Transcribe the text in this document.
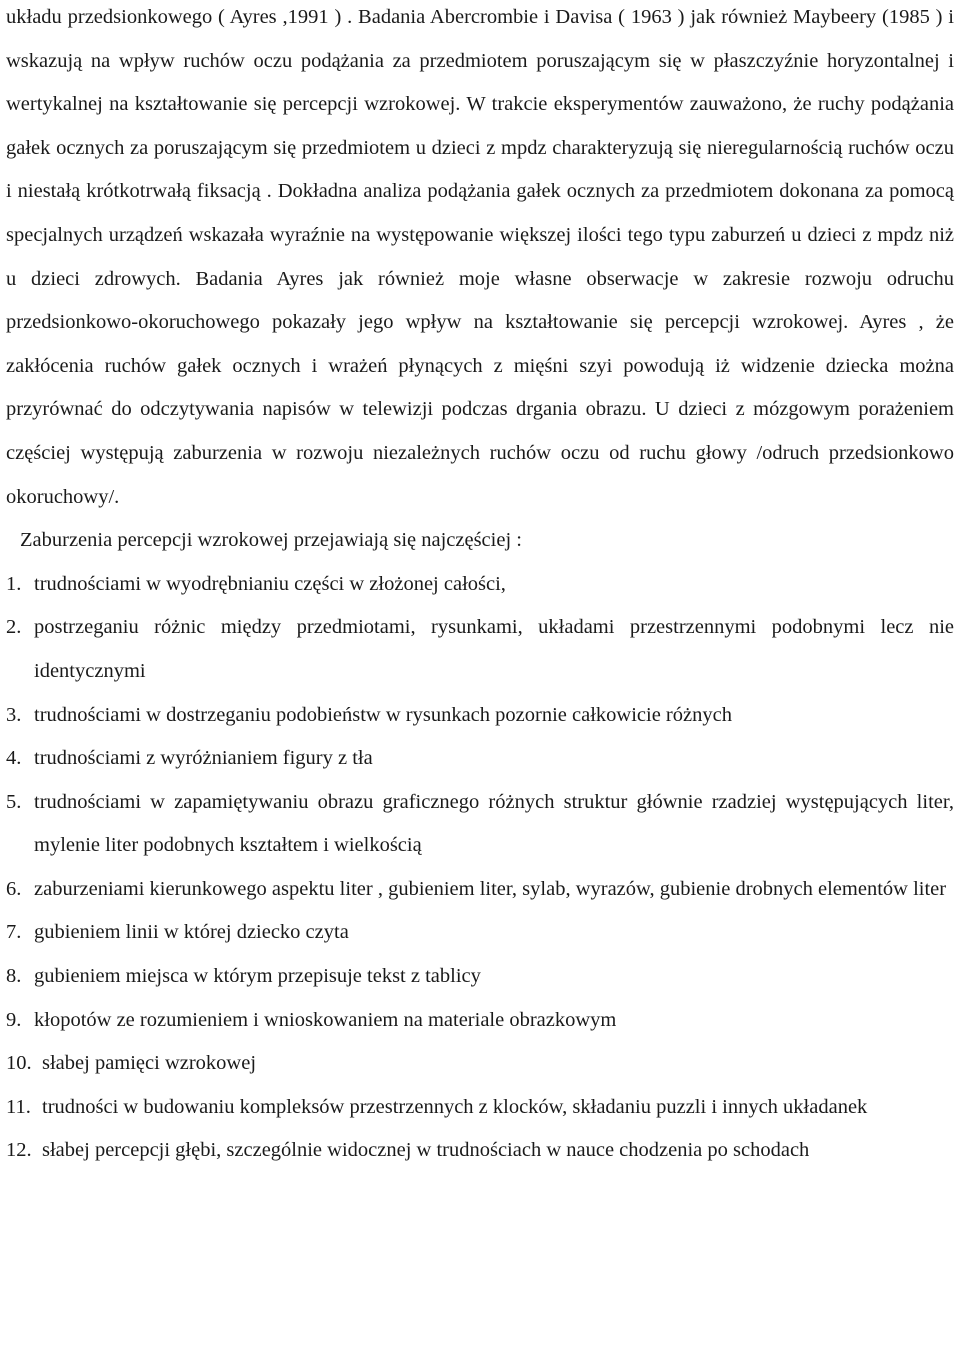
układu przedsionkowego ( Ayres ,1991 ) . Badania Abercrombie i Davisa ( 1963 ) jak również Maybeery (1985 ) i wskazują na wpływ ruchów oczu podążania za przedmiotem poruszającym się w płaszczyźnie horyzontalnej i wertykalnej na kształtowanie się percepcji wzrokowej. W trakcie eksperymentów zauważono, że ruchy podążania gałek ocznych za poruszającym się przedmiotem u dzieci z mpdz charakteryzują się nieregularnością ruchów oczu i niestałą krótkotrwałą fiksacją . Dokładna analiza podążania gałek ocznych za przedmiotem dokonana za pomocą specjalnych urządzeń wskazała wyraźnie na występowanie większej ilości tego typu zaburzeń u dzieci z mpdz niż u dzieci zdrowych. Badania Ayres jak również moje własne obserwacje w zakresie rozwoju odruchu przedsionkowo-okoruchowego pokazały jego wpływ na kształtowanie się percepcji wzrokowej. Ayres , że zakłócenia ruchów gałek ocznych i wrażeń płynących z mięśni szyi powodują iż widzenie dziecka można przyrównać do odczytywania napisów w telewizji podczas drgania obrazu. U dzieci z mózgowym porażeniem częściej występują zaburzenia w rozwoju niezależnych ruchów oczu od ruchu głowy /odruch przedsionkowo okoruchowy/.

Zaburzenia percepcji wzrokowej przejawiają się najczęściej :

1. trudnościami w wyodrębnianiu części w złożonej całości,
2. postrzeganiu różnic między przedmiotami, rysunkami, układami przestrzennymi podobnymi lecz nie identycznymi
3. trudnościami w dostrzeganiu podobieństw w rysunkach pozornie całkowicie różnych
4. trudnościami z wyróżnianiem figury z tła
5. trudnościami w zapamiętywaniu obrazu graficznego różnych struktur głównie rzadziej występujących liter, mylenie liter podobnych kształtem i wielkością
6. zaburzeniami kierunkowego aspektu liter , gubieniem liter, sylab, wyrazów, gubienie drobnych elementów liter
7. gubieniem linii w której dziecko czyta
8. gubieniem miejsca w którym przepisuje tekst z tablicy
9. kłopotów ze rozumieniem i wnioskowaniem na materiale obrazkowym
10. słabej pamięci wzrokowej
11. trudności w budowaniu kompleksów przestrzennych z klocków, składaniu puzzli i innych układanek
12. słabej percepcji głębi, szczególnie widocznej w trudnościach w nauce chodzenia po schodach
